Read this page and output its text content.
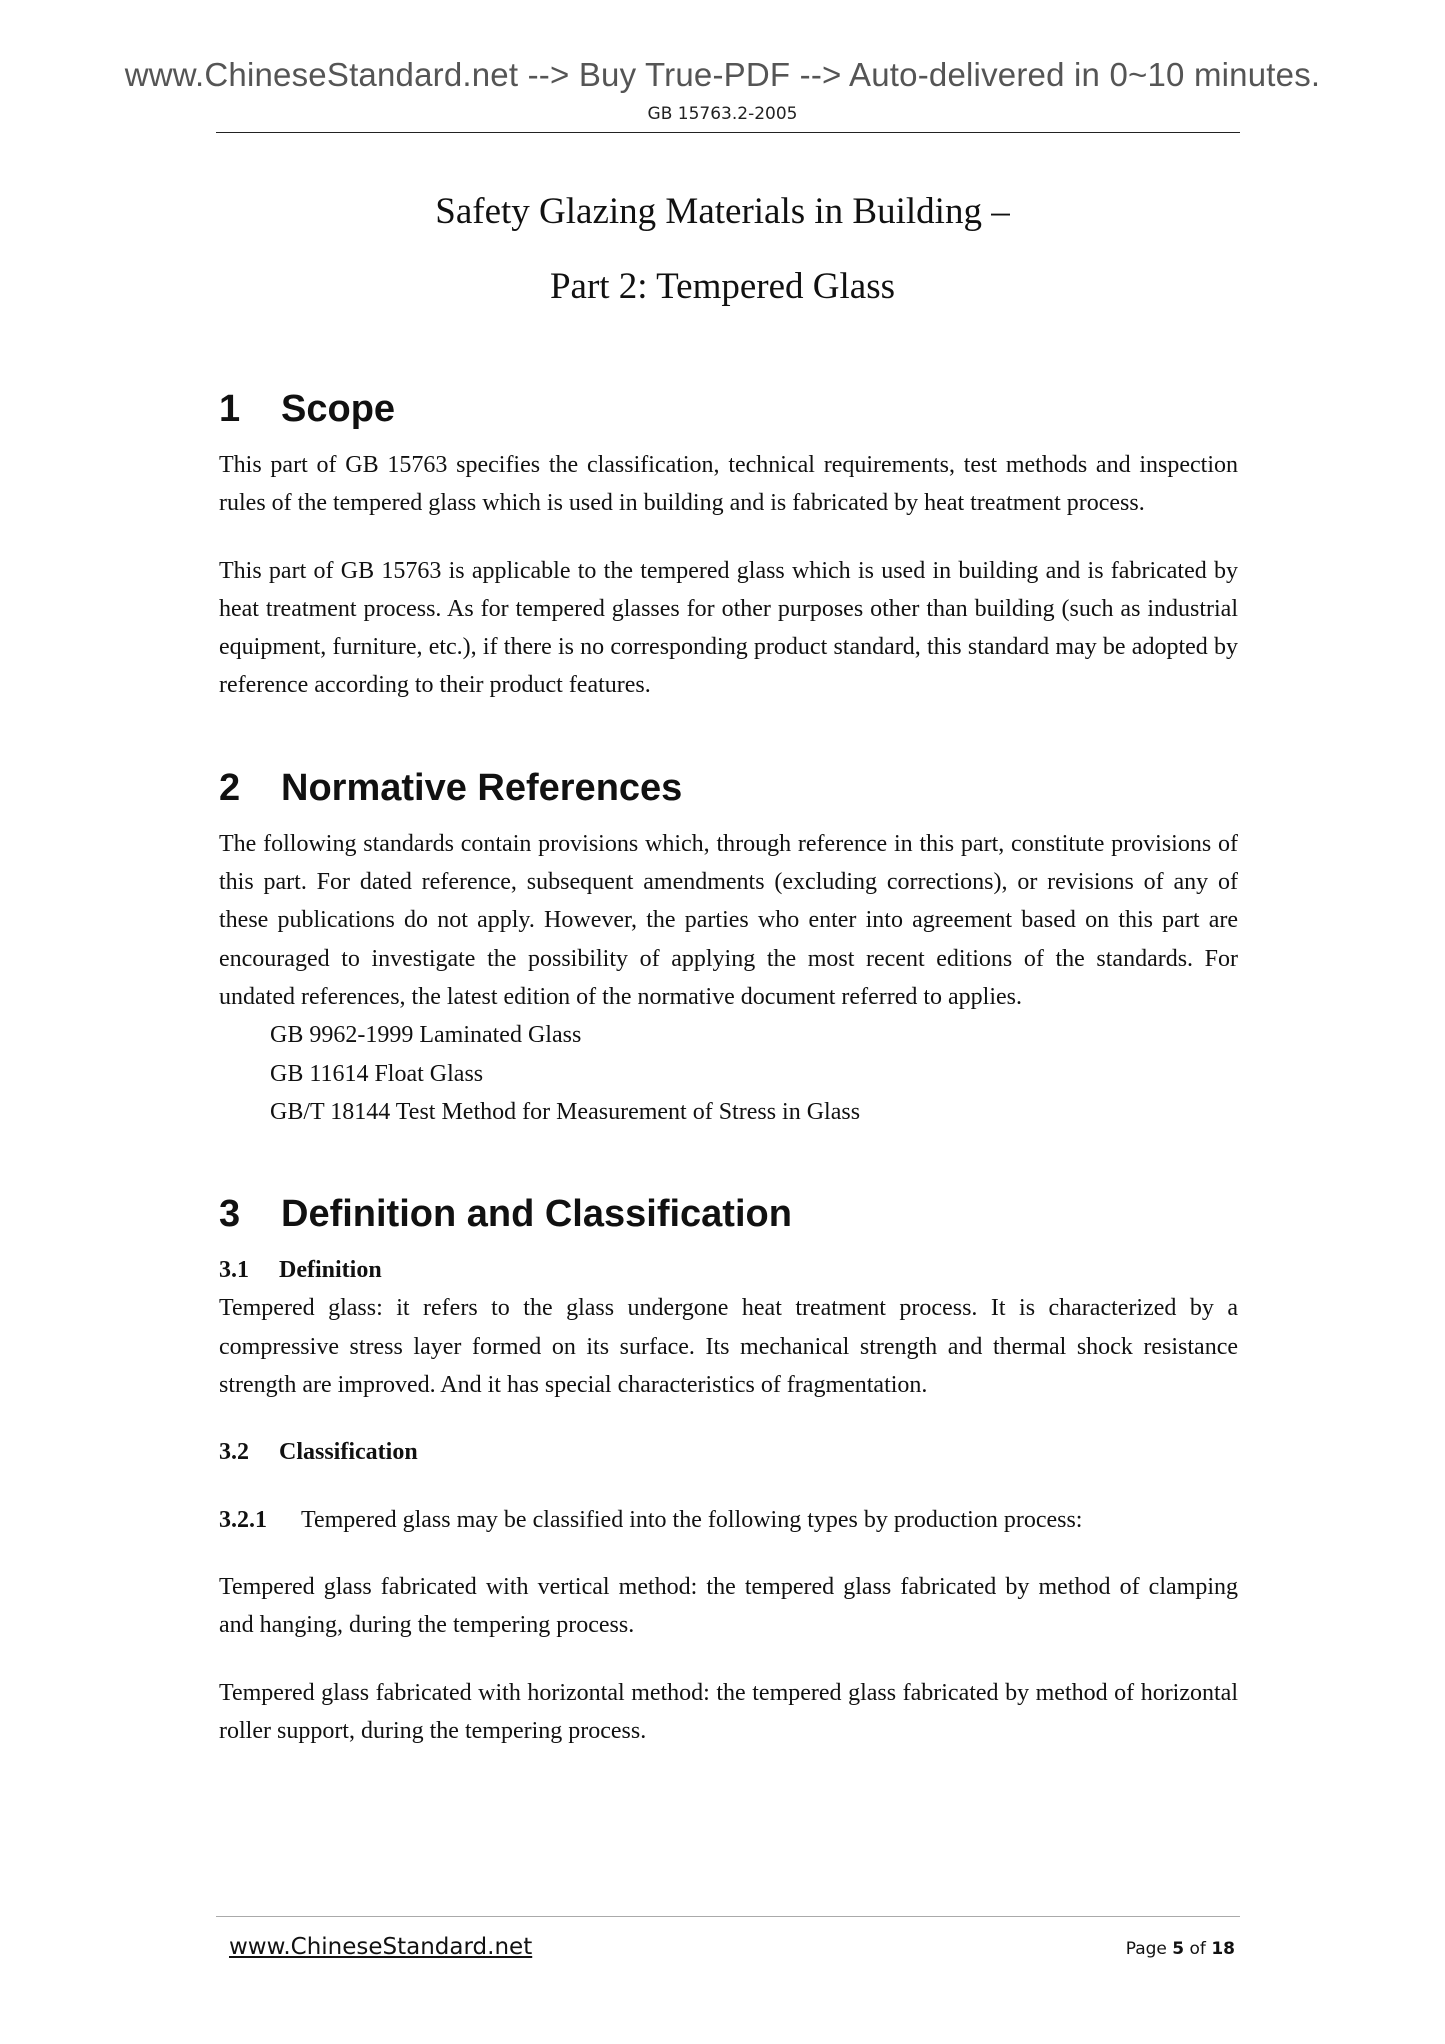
www.ChineseStandard.net --> Buy True-PDF --> Auto-delivered in 0~10 minutes.
GB 15763.2-2005
Safety Glazing Materials in Building –
Part 2: Tempered Glass
1	Scope

This part of GB 15763 specifies the classification, technical requirements, test methods and inspection rules of the tempered glass which is used in building and is fabricated by heat treatment process.

This part of GB 15763 is applicable to the tempered glass which is used in building and is fabricated by heat treatment process. As for tempered glasses for other purposes other than building (such as industrial equipment, furniture, etc.), if there is no corresponding product standard, this standard may be adopted by reference according to their product features.

2	Normative References

The following standards contain provisions which, through reference in this part, constitute provisions of this part. For dated reference, subsequent amendments (excluding corrections), or revisions of any of these publications do not apply. However, the parties who enter into agreement based on this part are encouraged to investigate the possibility of applying the most recent editions of the standards. For undated references, the latest edition of the normative document referred to applies.

GB 9962-1999 Laminated Glass

GB 11614 Float Glass

GB/T 18144 Test Method for Measurement of Stress in Glass

3	Definition and Classification

3.1 Definition

Tempered glass: it refers to the glass undergone heat treatment process. It is characterized by a compressive stress layer formed on its surface. Its mechanical strength and thermal shock resistance strength are improved. And it has special characteristics of fragmentation.

3.2 Classification

3.2.1 Tempered glass may be classified into the following types by production process:

Tempered glass fabricated with vertical method: the tempered glass fabricated by method of clamping and hanging, during the tempering process.

Tempered glass fabricated with horizontal method: the tempered glass fabricated by method of horizontal roller support, during the tempering process.

www.ChineseStandard.net	Page 5 of 18
